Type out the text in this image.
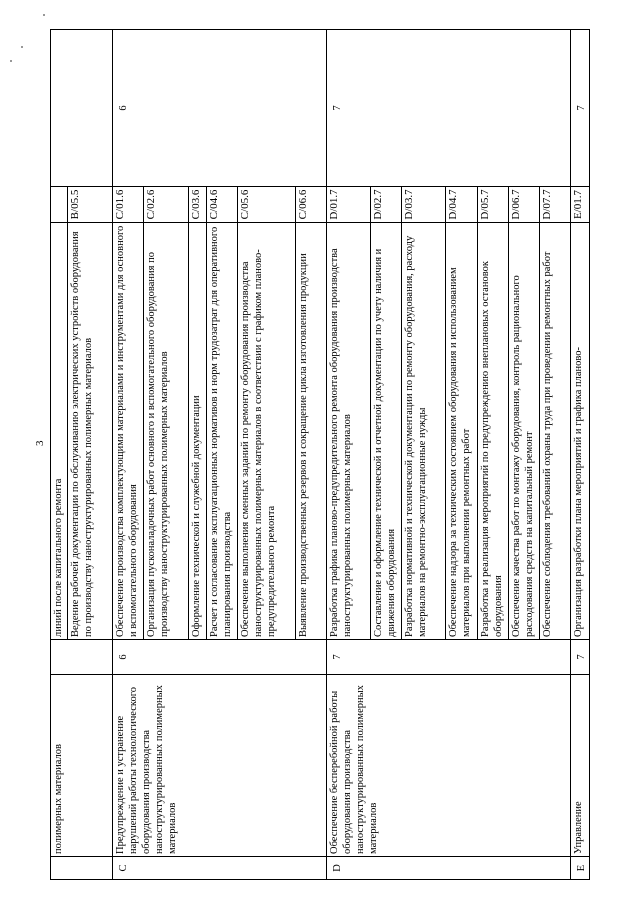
3
	полимерных материалов		линий после капитального ремонта		
			Ведение рабочей документации по обслуживанию электрических устройств оборудования по производству наноструктурированных полимерных материалов	B/05.5	
C	Предупреждение и устранение нарушений работы технологического оборудования производства наноструктурированных полимерных материалов	6	Обеспечение производства комплектующими материалами и инструментами для основного и вспомогательного оборудования	C/01.6	6
			Организация пусконаладочных работ основного и вспомогательного оборудования по производству наноструктурированных полимерных материалов	C/02.6	
			Оформление технической и служебной документации	C/03.6	
			Расчет и согласование эксплуатационных нормативов и норм трудозатрат для оперативного планирования производства	C/04.6	
			Обеспечение выполнения сменных заданий по ремонту оборудования производства наноструктурированных полимерных материалов в соответствии с графиком планово-предупредительного ремонта	C/05.6	
			Выявление производственных резервов и сокращение цикла изготовления продукции	C/06.6	
D	Обеспечение бесперебойной работы оборудования производства наноструктурированных полимерных материалов	7	Разработка графика планово-предупредительного ремонта оборудования производства наноструктурированных полимерных материалов	D/01.7	7
			Составление и оформление технической и отчетной документации по учету наличия и движения оборудования	D/02.7	
			Разработка нормативной и технической документации по ремонту оборудования, расходу материалов на ремонтно-эксплуатационные нужды	D/03.7	
			Обеспечение надзора за техническим состоянием оборудования и использованием материалов при выполнении ремонтных работ	D/04.7	
			Разработка и реализация мероприятий по предупреждению внеплановых остановок оборудования	D/05.7	
			Обеспечение качества работ по монтажу оборудования, контроль рационального расходования средств на капитальный ремонт	D/06.7	
			Обеспечение соблюдения требований охраны труда при проведении ремонтных работ	D/07.7	
E	Управление	7	Организация разработки плана мероприятий и графика планово-	E/01.7	7
